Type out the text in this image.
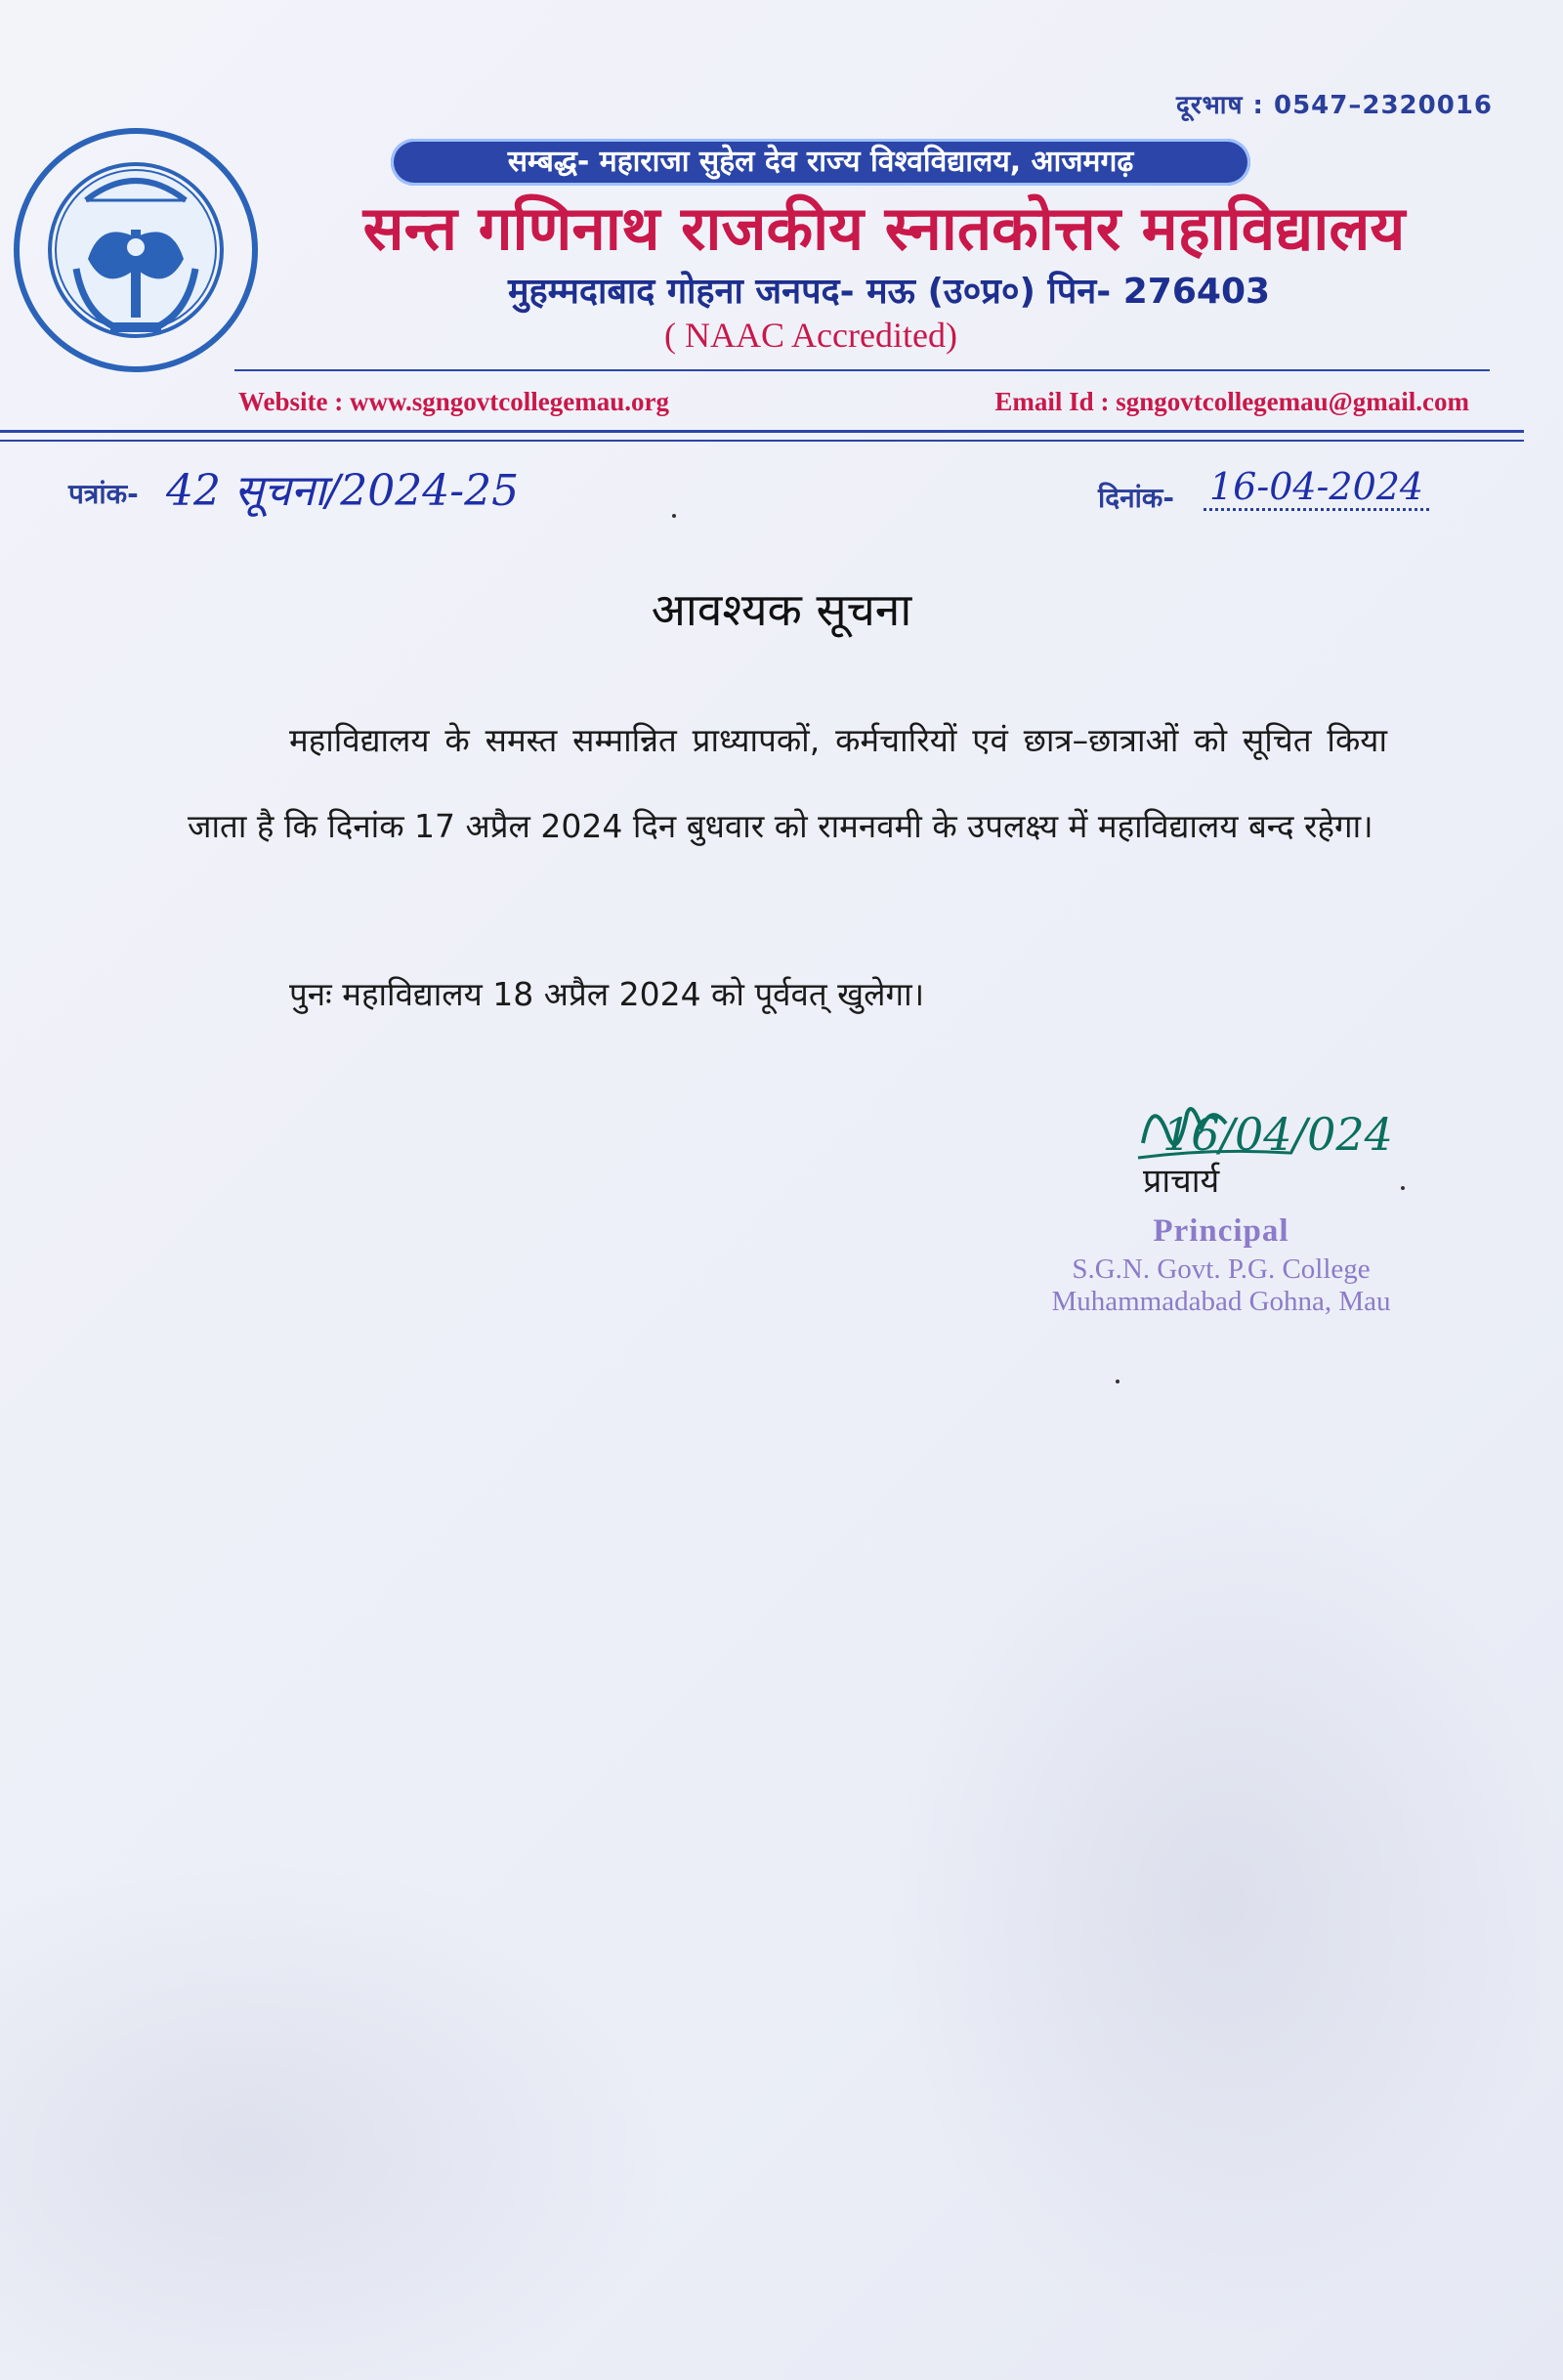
दूरभाष : 0547–2320016
सम्बद्ध- महाराजा सुहेल देव राज्य विश्वविद्यालय, आजमगढ़
सन्त गणिनाथ राजकीय स्नातकोत्तर महाविद्यालय
मुहम्मदाबाद गोहना जनपद- मऊ (उ०प्र०) पिन- 276403
( NAAC Accredited)
Website : www.sgngovtcollegemau.org	Email Id : sgngovtcollegemau@gmail.com
पत्रांक- 42 सूचना/2024-25	दिनांक- 16-04-2024
आवश्यक सूचना
महाविद्यालय के समस्त सम्मान्नित प्राध्यापकों, कर्मचारियों एवं छात्र–छात्राओं को सूचित किया जाता है कि दिनांक 17 अप्रैल 2024 दिन बुधवार को रामनवमी के उपलक्ष्य में महाविद्यालय बन्द रहेगा।
पुनः महाविद्यालय 18 अप्रैल 2024 को पूर्ववत् खुलेगा।
16/04/024
प्राचार्य
Principal
S.G.N. Govt. P.G. College
Muhammadabad Gohna, Mau
